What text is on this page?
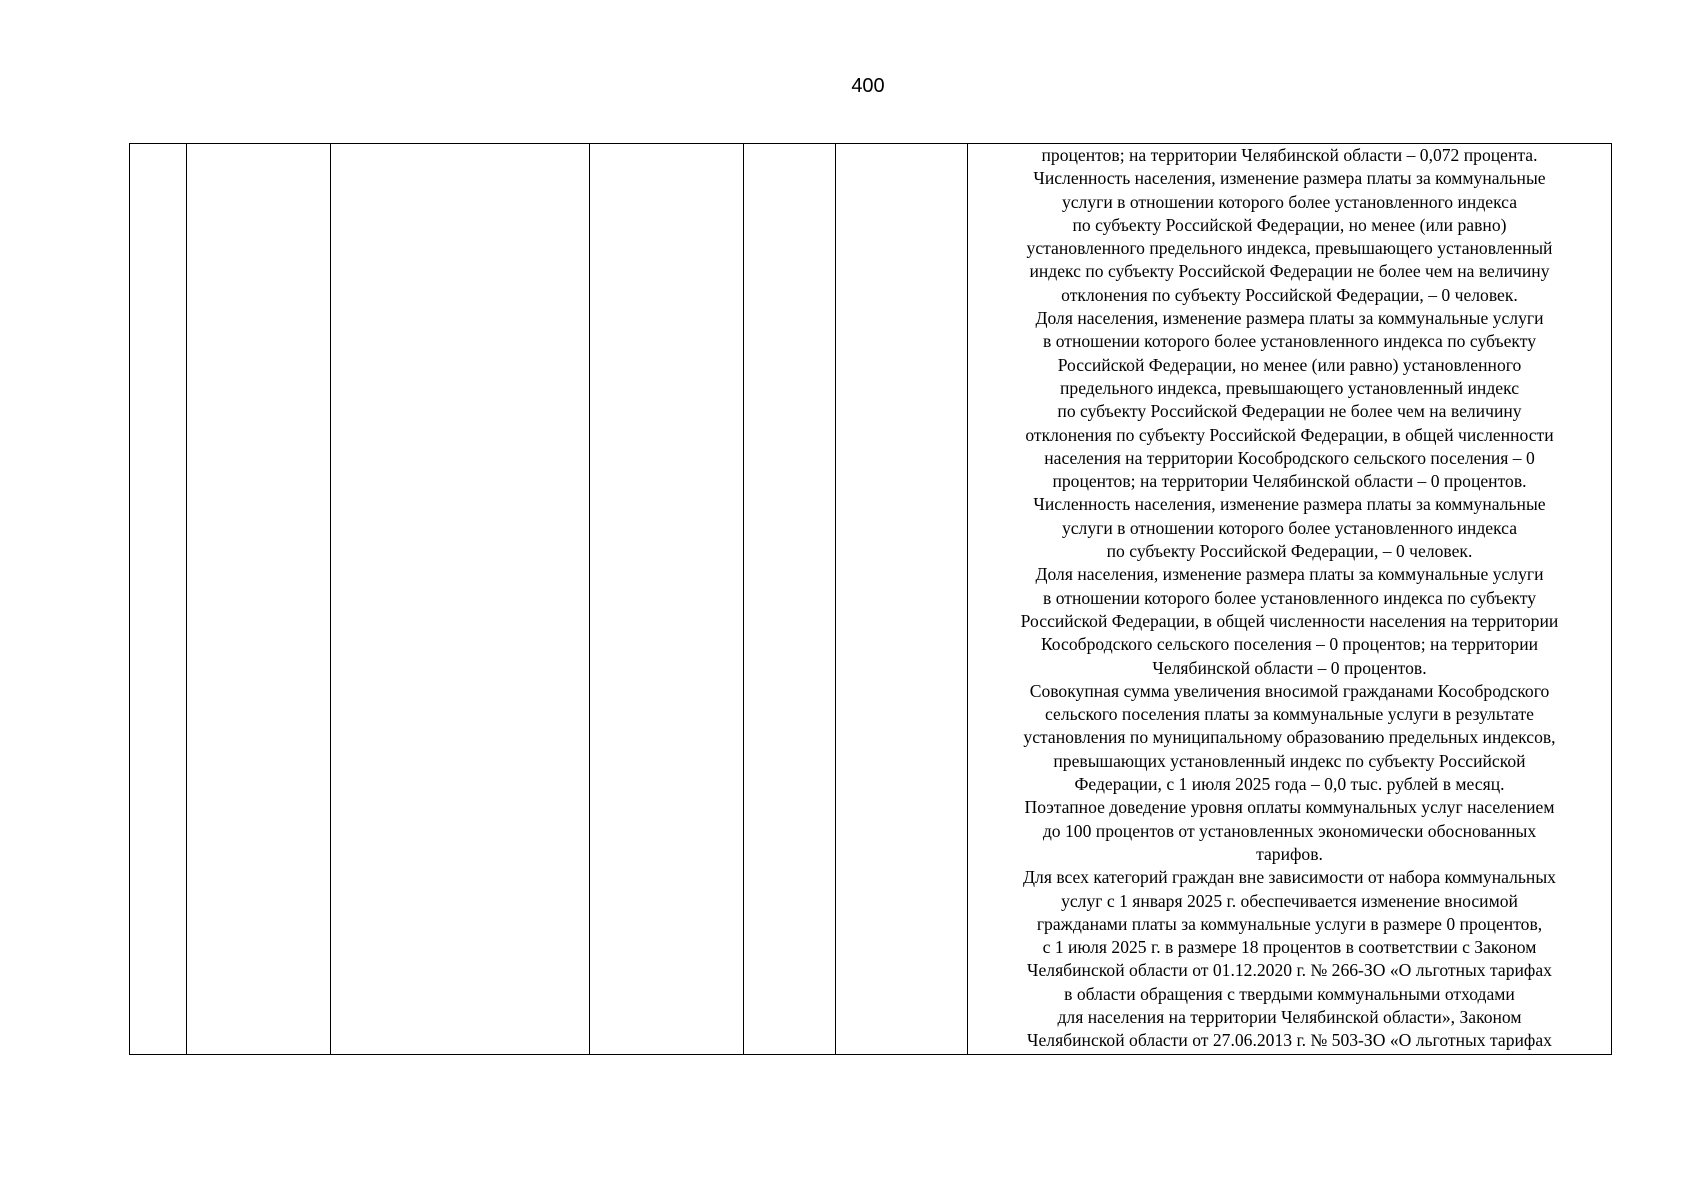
400

процентов; на территории Челябинской области – 0,072 процента.
Численность населения, изменение размера платы за коммунальные
услуги в отношении которого более установленного индекса
по субъекту Российской Федерации, но менее (или равно)
установленного предельного индекса, превышающего установленный
индекс по субъекту Российской Федерации не более чем на величину
отклонения по субъекту Российской Федерации, – 0 человек.
Доля населения, изменение размера платы за коммунальные услуги
в отношении которого более установленного индекса по субъекту
Российской Федерации, но менее (или равно) установленного
предельного индекса, превышающего установленный индекс
по субъекту Российской Федерации не более чем на величину
отклонения по субъекту Российской Федерации, в общей численности
населения на территории Кособродского сельского поселения – 0
процентов; на территории Челябинской области – 0 процентов.
Численность населения, изменение размера платы за коммунальные
услуги в отношении которого более установленного индекса
по субъекту Российской Федерации, – 0 человек.
Доля населения, изменение размера платы за коммунальные услуги
в отношении которого более установленного индекса по субъекту
Российской Федерации, в общей численности населения на территории
Кособродского сельского поселения – 0 процентов; на территории
Челябинской области – 0 процентов.
Совокупная сумма увеличения вносимой гражданами Кособродского
сельского поселения платы за коммунальные услуги в результате
установления по муниципальному образованию предельных индексов,
превышающих установленный индекс по субъекту Российской
Федерации, с 1 июля 2025 года – 0,0 тыс. рублей в месяц.
Поэтапное доведение уровня оплаты коммунальных услуг населением
до 100 процентов от установленных экономически обоснованных
тарифов.
Для всех категорий граждан вне зависимости от набора коммунальных
услуг с 1 января 2025 г. обеспечивается изменение вносимой
гражданами платы за коммунальные услуги в размере 0 процентов,
с 1 июля 2025 г. в размере 18 процентов в соответствии с Законом
Челябинской области от 01.12.2020 г. № 266-ЗО «О льготных тарифах
в области обращения с твердыми коммунальными отходами
для населения на территории Челябинской области», Законом
Челябинской области от 27.06.2013 г. № 503-ЗО «О льготных тарифах
